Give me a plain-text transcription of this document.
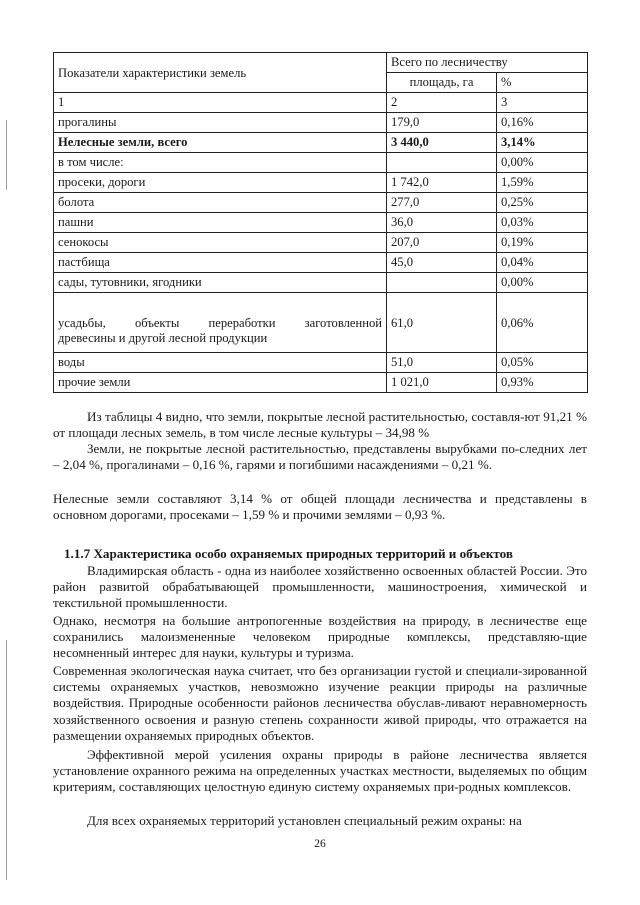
Показатели характеристики земель	Всего по лесничеству	
	площадь, га	%
1	2	3
прогалины	179,0	0,16%
Нелесные земли, всего	3 440,0	3,14%
в том числе:		0,00%
просеки, дороги	1 742,0	1,59%
болота	277,0	0,25%
пашни	36,0	0,03%
сенокосы	207,0	0,19%
пастбища	45,0	0,04%
сады, тутовники, ягодники		0,00%

усадьбы, объекты переработки заготовленной
древесины и другой лесной продукции	61,0	0,06%
воды	51,0	0,05%
прочие земли	1 021,0	0,93%

Из таблицы 4 видно, что земли, покрытые лесной растительностью, составля-ют 91,21 % от площади лесных земель, в том числе лесные культуры – 34,98 %

Земли, не покрытые лесной растительностью, представлены вырубками по-следних лет – 2,04 %, прогалинами – 0,16 %, гарями и погибшими насаждениями – 0,21 %.

Нелесные земли составляют 3,14 % от общей площади лесничества и представлены в основном дорогами, просеками – 1,59 % и прочими землями – 0,93 %.

1.1.7 Характеристика особо охраняемых природных территорий и объектов

Владимирская область - одна из наиболее хозяйственно освоенных областей России. Это район развитой обрабатывающей промышленности, машиностроения, химической и текстильной промышленности.

Однако, несмотря на большие антропогенные воздействия на природу, в лесничестве еще сохранились малоизмененные человеком природные комплексы, представляю-щие несомненный интерес для науки, культуры и туризма.

Современная экологическая наука считает, что без организации густой и специали-зированной системы охраняемых участков, невозможно изучение реакции природы на различные воздействия. Природные особенности районов лесничества обуслав-ливают неравномерность хозяйственного освоения и разную степень сохранности живой природы, что отражается на размещении охраняемых природных объектов.

Эффективной мерой усиления охраны природы в районе лесничества является установление охранного режима на определенных участках местности, выделяемых по общим критериям, составляющих целостную единую систему охраняемых при-родных комплексов.

Для всех охраняемых территорий установлен специальный режим охраны: на

26
